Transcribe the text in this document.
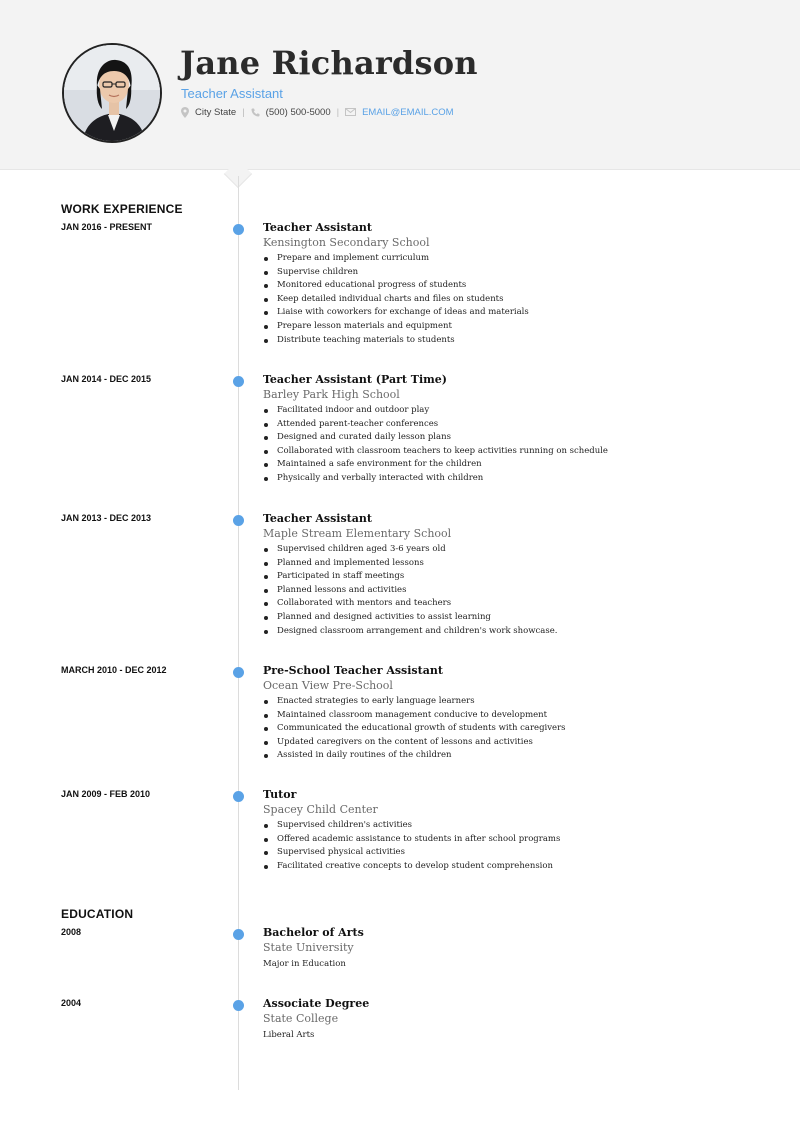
Jane Richardson
Teacher Assistant
City State | (500) 500-5000 | EMAIL@EMAIL.COM
WORK EXPERIENCE
JAN 2016 - PRESENT	Teacher Assistant
Kensington Secondary School
Prepare and implement curriculum
Supervise children
Monitored educational progress of students
Keep detailed individual charts and files on students
Liaise with coworkers for exchange of ideas and materials
Prepare lesson materials and equipment
Distribute teaching materials to students
JAN 2014 - DEC 2015	Teacher Assistant (Part Time)
Barley Park High School
Facilitated indoor and outdoor play
Attended parent-teacher conferences
Designed and curated daily lesson plans
Collaborated with classroom teachers to keep activities running on schedule
Maintained a safe environment for the children
Physically and verbally interacted with children
JAN 2013 - DEC 2013	Teacher Assistant
Maple Stream Elementary School
Supervised children aged 3-6 years old
Planned and implemented lessons
Participated in staff meetings
Planned lessons and activities
Collaborated with mentors and teachers
Planned and designed activities to assist learning
Designed classroom arrangement and children's work showcase.
MARCH 2010 - DEC 2012	Pre-School Teacher Assistant
Ocean View Pre-School
Enacted strategies to early language learners
Maintained classroom management conducive to development
Communicated the educational growth of students with caregivers
Updated caregivers on the content of lessons and activities
Assisted in daily routines of the children
JAN 2009 - FEB 2010	Tutor
Spacey Child Center
Supervised children's activities
Offered academic assistance to students in after school programs
Supervised physical activities
Facilitated creative concepts to develop student comprehension
EDUCATION
2008	Bachelor of Arts
State University
Major in Education
2004	Associate Degree
State College
Liberal Arts
